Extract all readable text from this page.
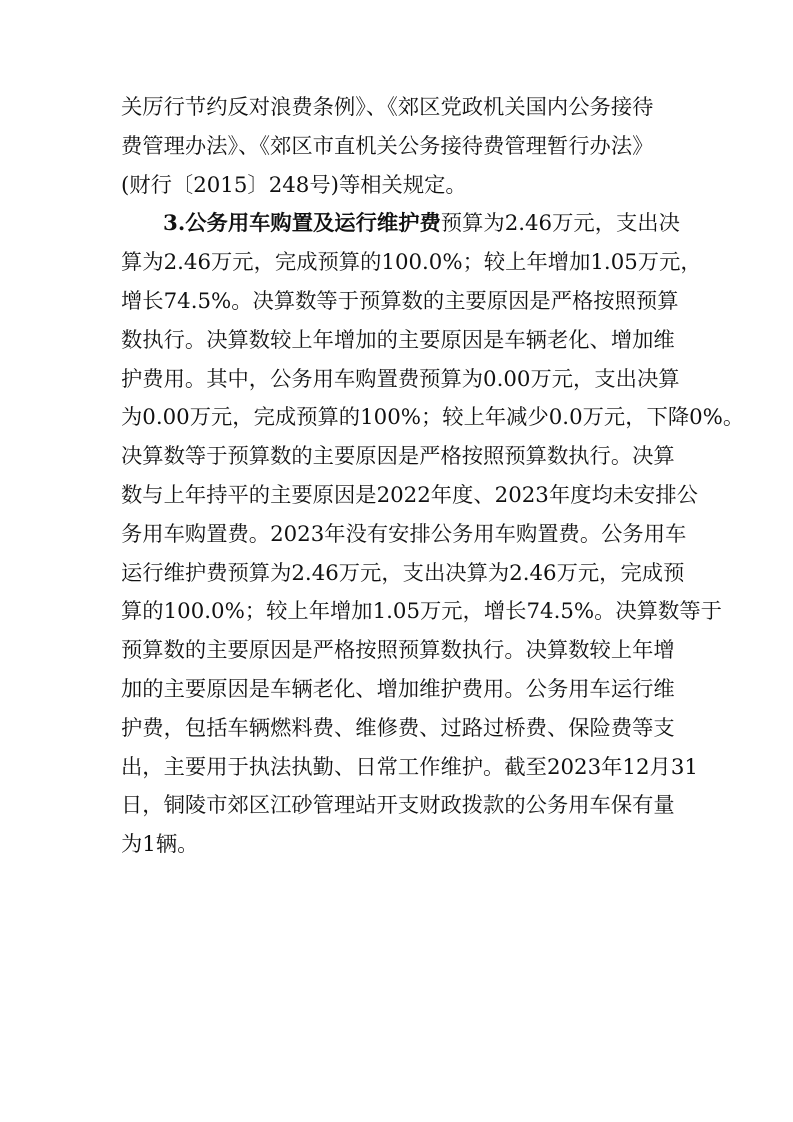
关厉行节约反对浪费条例》、《郊区党政机关国内公务接待
费管理办法》、《郊区市直机关公务接待费管理暂行办法》
(财行〔2015〕248号)等相关规定。
3.公务用车购置及运行维护费预算为2.46万元，支出决
算为2.46万元，完成预算的100.0%；较上年增加1.05万元，
增长74.5%。决算数等于预算数的主要原因是严格按照预算
数执行。决算数较上年增加的主要原因是车辆老化、增加维
护费用。其中，公务用车购置费预算为0.00万元，支出决算
为0.00万元，完成预算的100%；较上年减少0.0万元，下降0%。
决算数等于预算数的主要原因是严格按照预算数执行。决算
数与上年持平的主要原因是2022年度、2023年度均未安排公
务用车购置费。2023年没有安排公务用车购置费。公务用车
运行维护费预算为2.46万元，支出决算为2.46万元，完成预
算的100.0%；较上年增加1.05万元，增长74.5%。决算数等于
预算数的主要原因是严格按照预算数执行。决算数较上年增
加的主要原因是车辆老化、增加维护费用。公务用车运行维
护费，包括车辆燃料费、维修费、过路过桥费、保险费等支
出，主要用于执法执勤、日常工作维护。截至2023年12月31
日，铜陵市郊区江砂管理站开支财政拨款的公务用车保有量
为1辆。
